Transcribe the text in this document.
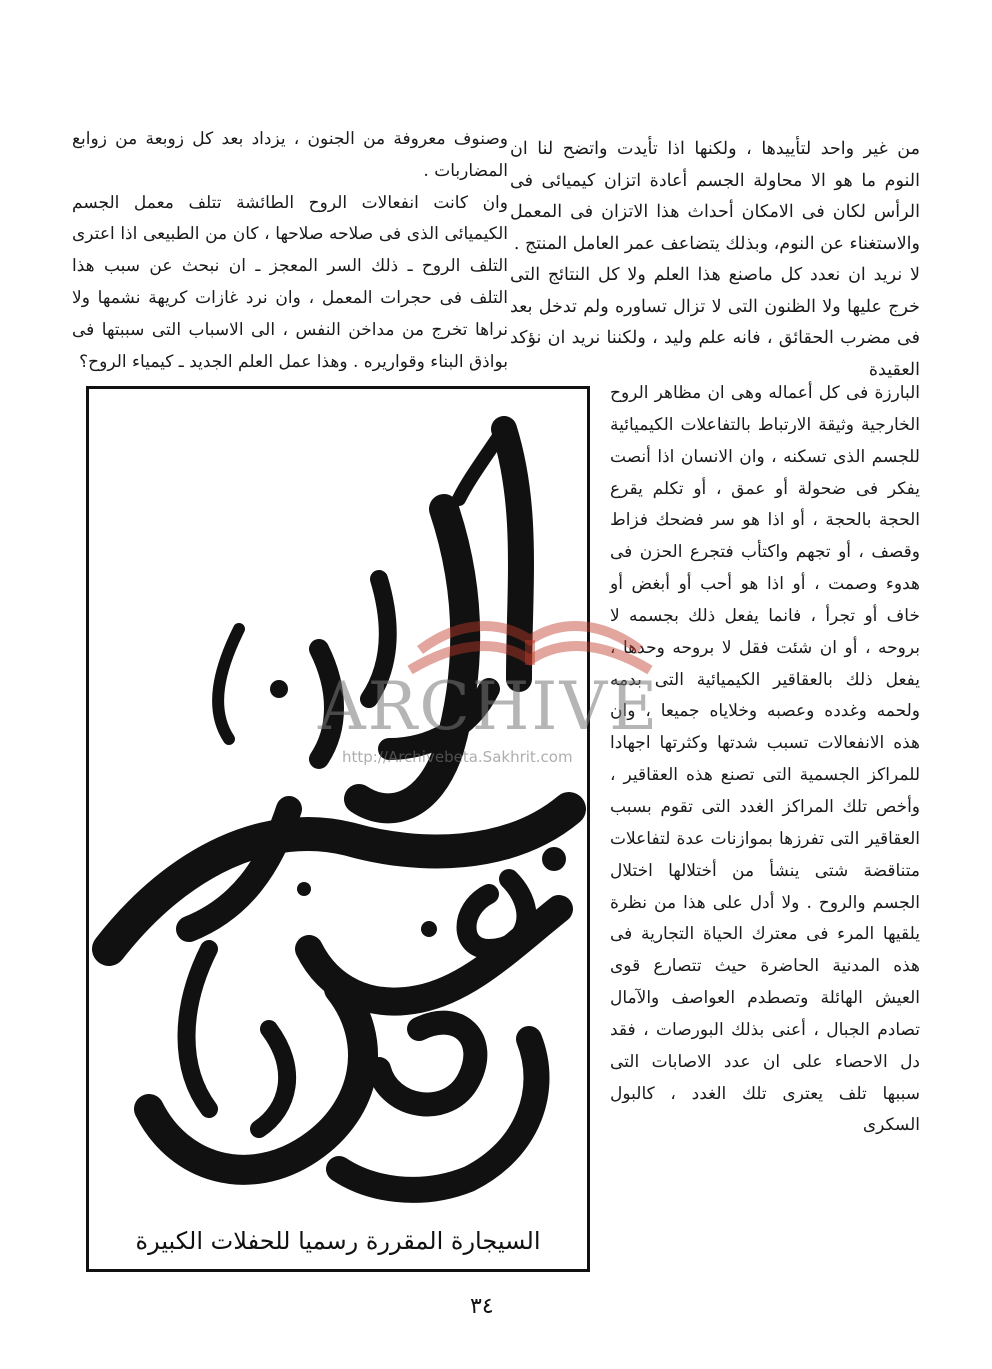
وصنوف معروفة من الجنون ، يزداد بعد كل زوبعة من زوابع المضاربات .

وان كانت انفعالات الروح الطائشة تتلف معمل الجسم الكيميائى الذى فى صلاحه صلاحها ، كان من الطبيعى اذا اعترى التلف الروح ـ ذلك السر المعجز ـ ان نبحث عن سبب هذا التلف فى حجرات المعمل ، وان نرد غازات كريهة نشمها ولا نراها تخرج من مداخن النفس ، الى الاسباب التى سببتها فى بواذق البناء وقواريره . وهذا عمل العلم الجديد ـ كيمياء الروح؟

من غير واحد لتأييدها ، ولكنها اذا تأيدت واتضح لنا ان النوم ما هو الا محاولة الجسم أعادة اتزان كيميائى فى الرأس لكان فى الامكان أحداث هذا الاتزان فى المعمل والاستغناء عن النوم، وبذلك يتضاعف عمر العامل المنتج .

لا نريد ان نعدد كل ماصنع هذا العلم ولا كل النتائج التى خرج عليها ولا الظنون التى لا تزال تساوره ولم تدخل بعد فى مضرب الحقائق ، فانه علم وليد ، ولكننا نريد ان نؤكد العقيدة

البارزة فى كل أعماله وهى ان مظاهر الروح الخارجية وثيقة الارتباط بالتفاعلات الكيميائية للجسم الذى تسكنه ، وان الانسان اذا أنصت يفكر فى ضحولة أو عمق ، أو تكلم يقرع الحجة بالحجة ، أو اذا هو سر فضحك فزاط وقصف ، أو تجهم واكتأب فتجرع الحزن فى هدوء وصمت ، أو اذا هو أحب أو أبغض أو خاف أو تجرأ ، فانما يفعل ذلك بجسمه لا بروحه ، أو ان شئت فقل لا بروحه وحدها ، يفعل ذلك بالعقاقير الكيميائية التى بدمه ولحمه وغدده وعصبه وخلاياه جميعا ، وان هذه الانفعالات تسبب شدتها وكثرتها اجهادا للمراكز الجسمية التى تصنع هذه العقاقير ، وأخص تلك المراكز الغدد التى تقوم بسبب العقاقير التى تفرزها بموازنات عدة لتفاعلات متناقضة شتى ينشأ من أختلالها اختلال الجسم والروح . ولا أدل على هذا من نظرة يلقيها المرء فى معترك الحياة التجارية فى هذه المدنية الحاضرة حيث تتصارع قوى العيش الهائلة وتصطدم العواصف والآمال تصادم الجبال ، أعنى بذلك البورصات ، فقد دل الاحصاء على ان عدد الاصابات التى سببها تلف يعترى تلك الغدد ، كالبول السكرى

السيجارة المقررة رسميا للحفلات الكبيرة
ARCHIVE
http://Archivebeta.Sakhrit.com
٣٤
